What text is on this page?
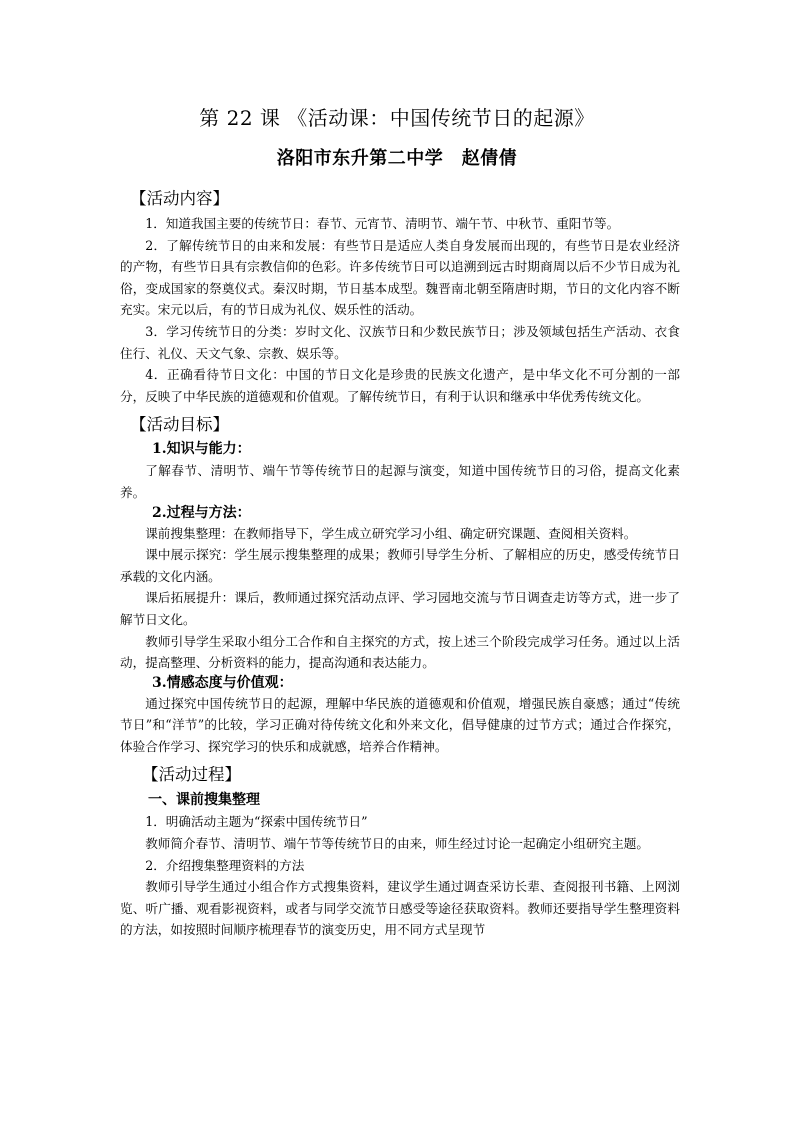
第 22 课 《活动课：中国传统节日的起源》
洛阳市东升第二中学　赵倩倩
【活动内容】

1．知道我国主要的传统节日：春节、元宵节、清明节、端午节、中秋节、重阳节等。

2．了解传统节日的由来和发展：有些节日是适应人类自身发展而出现的，有些节日是农业经济的产物，有些节日具有宗教信仰的色彩。许多传统节日可以追溯到远古时期商周以后不少节日成为礼俗，变成国家的祭奠仪式。秦汉时期，节日基本成型。魏晋南北朝至隋唐时期，节日的文化内容不断充实。宋元以后，有的节日成为礼仪、娱乐性的活动。

3．学习传统节日的分类：岁时文化、汉族节日和少数民族节日；涉及领域包括生产活动、衣食住行、礼仪、天文气象、宗教、娱乐等。

4．正确看待节日文化：中国的节日文化是珍贵的民族文化遗产，是中华文化不可分割的一部分，反映了中华民族的道德观和价值观。了解传统节日，有利于认识和继承中华优秀传统文化。

【活动目标】
1.知识与能力：

了解春节、清明节、端午节等传统节日的起源与演变，知道中国传统节日的习俗，提高文化素养。

2.过程与方法：

课前搜集整理：在教师指导下，学生成立研究学习小组、确定研究课题、查阅相关资料。

课中展示探究：学生展示搜集整理的成果；教师引导学生分析、了解相应的历史，感受传统节日承载的文化内涵。

课后拓展提升：课后，教师通过探究活动点评、学习园地交流与节日调查走访等方式，进一步了解节日文化。

教师引导学生采取小组分工合作和自主探究的方式，按上述三个阶段完成学习任务。通过以上活动，提高整理、分析资料的能力，提高沟通和表达能力。

3.情感态度与价值观：

通过探究中国传统节日的起源，理解中华民族的道德观和价值观，增强民族自豪感；通过“传统节日”和“洋节”的比较，学习正确对待传统文化和外来文化，倡导健康的过节方式；通过合作探究，体验合作学习、探究学习的快乐和成就感，培养合作精神。

【活动过程】
一、课前搜集整理

1．明确活动主题为“探索中国传统节日”

教师简介春节、清明节、端午节等传统节日的由来，师生经过讨论一起确定小组研究主题。

2．介绍搜集整理资料的方法

教师引导学生通过小组合作方式搜集资料，建议学生通过调查采访长辈、查阅报刊书籍、上网浏览、听广播、观看影视资料，或者与同学交流节日感受等途径获取资料。教师还要指导学生整理资料的方法，如按照时间顺序梳理春节的演变历史，用不同方式呈现节
